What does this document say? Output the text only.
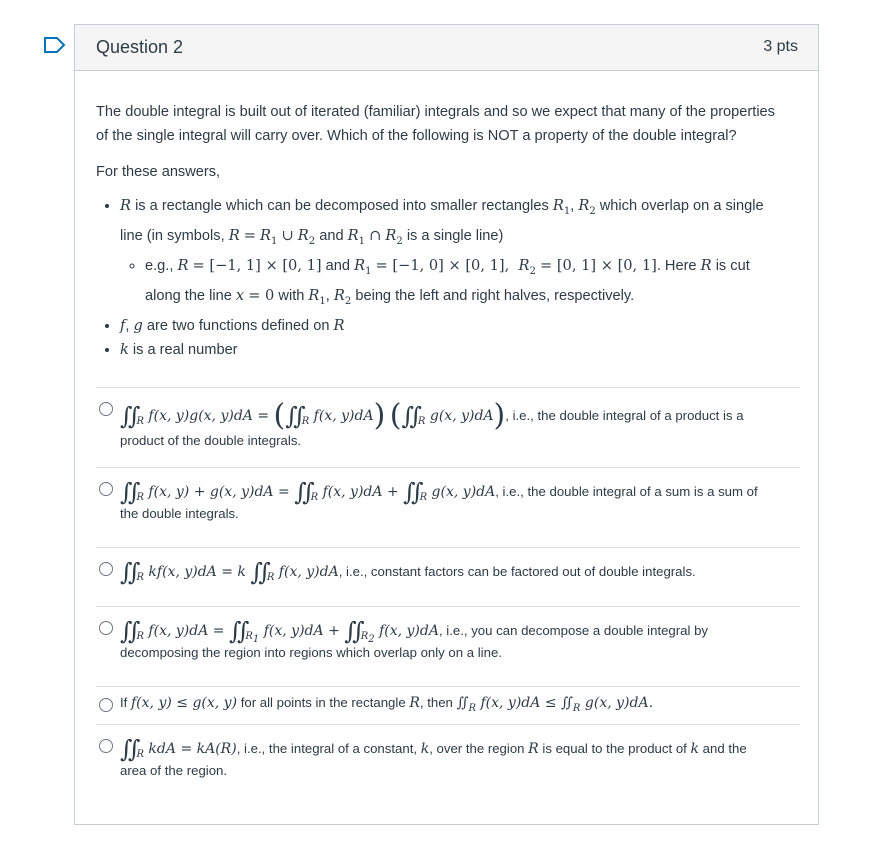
Question 2	3 pts

The double integral is built out of iterated (familiar) integrals and so we expect that many of the properties of the single integral will carry over. Which of the following is NOT a property of the double integral?

For these answers,

• R is a rectangle which can be decomposed into smaller rectangles $R_1$, $R_2$ which overlap on a single line (in symbols, $R = R_1$ ∪ $R_2$ and $R_1$ ∩ $R_2$ is a single line)
◦ e.g., R = [−1, 1] × [0, 1] and $R_1 = [-1$, 0] × [0, 1],  $R_2 = [0$, 1] × [0, 1]. Here R is cut along the line x = 0 with $R_1$, $R_2$ being the left and right halves, respectively.
• f, g are two functions defined on R
• k is a real number
$∬_R$ f(x, y)g(x, $y)dA = (∬_R$ f(x, y)dA) ($∬_R$ g(x, y)dA), i.e., the double integral of a product is a
product of the double integrals.
$∬_R$ f(x, y) + g(x, $y)dA = ∬_R$ f(x, $y)dA + ∬_R$ g(x, y)dA, i.e., the double integral of a sum is a sum of
the double integrals.
$∬_R$ kf(x, y)dA = k $∬_R$ f(x, y)dA, i.e., constant factors can be factored out of double integrals.
$∬_R$ f(x, $y)dA = ∬_{R_1}$ f(x, $y)dA + ∬_{R_2}$ f(x, y)dA, i.e., you can decompose a double integral by
decomposing the region into regions which overlap only on a line.
If f(x, y) ≤ g(x, y) for all points in the rectangle R, then $∬_R$ f(x, $y)dA \le ∬_R$ g(x, y)dA.
$∬_R$ kdA = kA(R), i.e., the integral of a constant, k, over the region R is equal to the product of k and the
area of the region.
